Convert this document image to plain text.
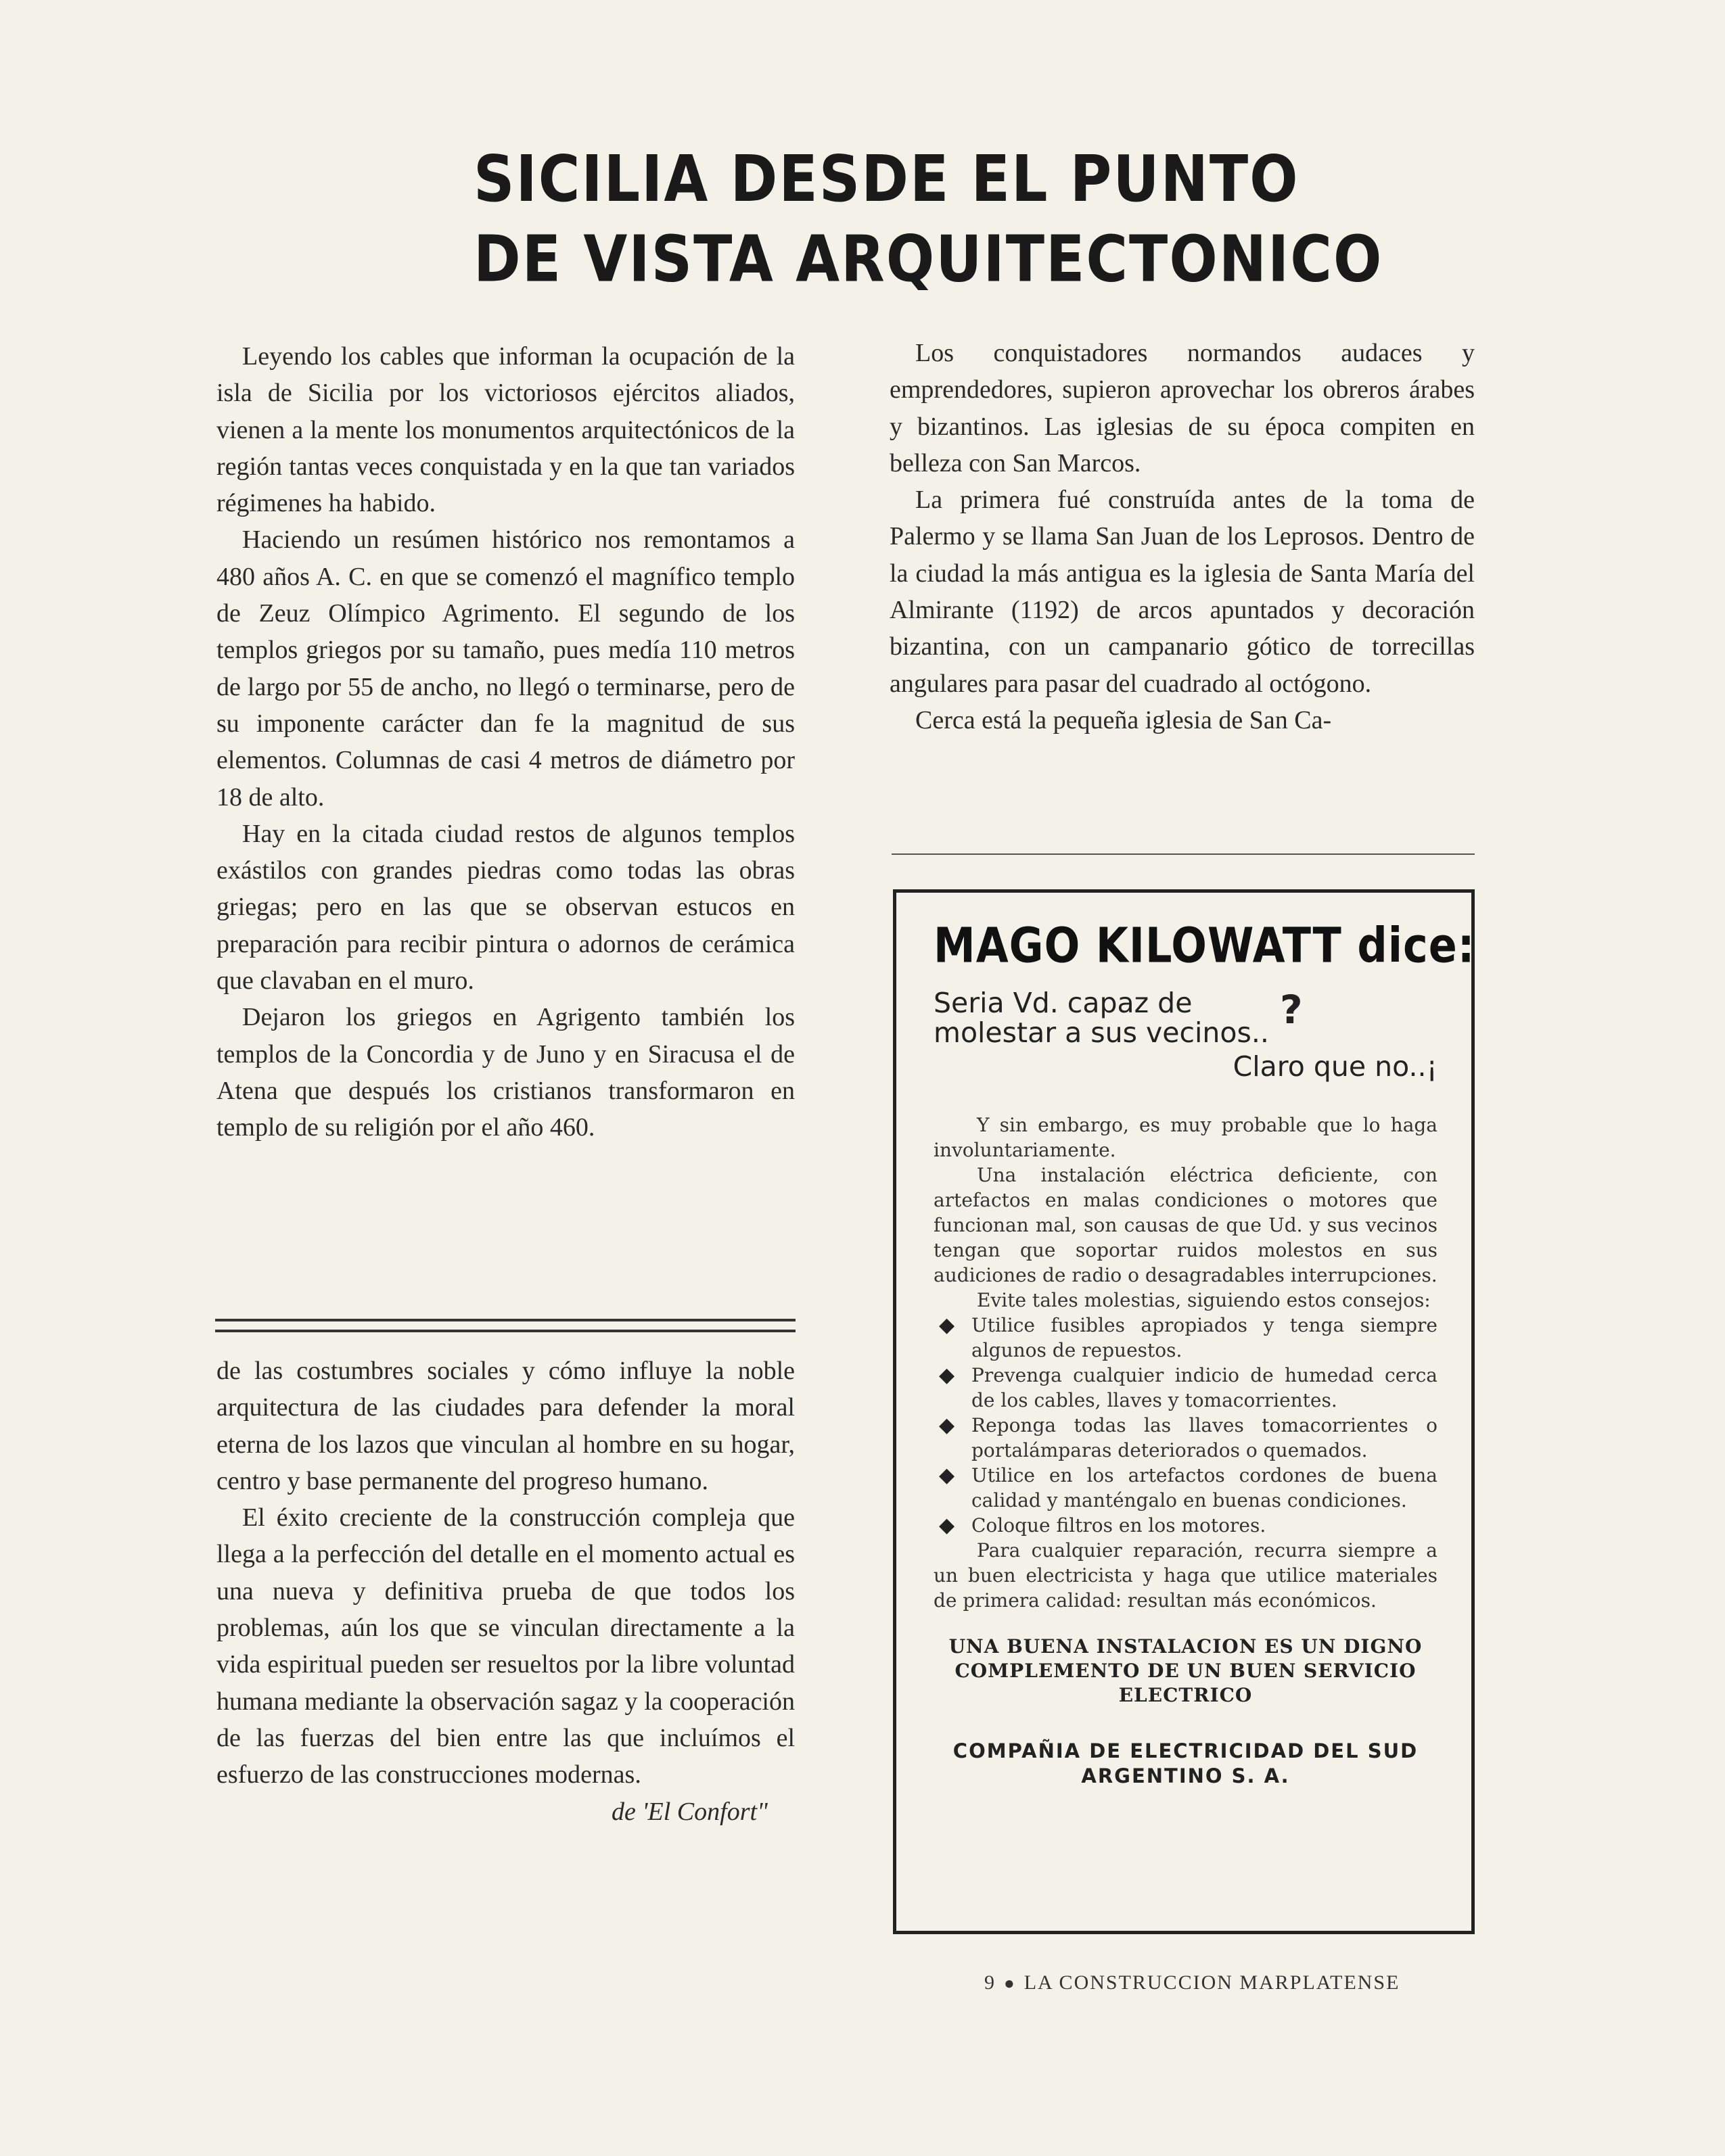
SICILIA DESDE EL PUNTO
DE VISTA ARQUITECTONICO

Leyendo los cables que informan la ocupación de la isla de Sicilia por los victoriosos ejércitos aliados, vienen a la mente los monumentos arquitectónicos de la región tantas veces conquistada y en la que tan variados régimenes ha habido.

Haciendo un resúmen histórico nos remontamos a 480 años A. C. en que se comenzó el magnífico templo de Zeuz Olímpico Agrimento. El segundo de los templos griegos por su tamaño, pues medía 110 metros de largo por 55 de ancho, no llegó o terminarse, pero de su imponente carácter dan fe la magnitud de sus elementos. Columnas de casi 4 metros de diámetro por 18 de alto.

Hay en la citada ciudad restos de algunos templos exástilos con grandes piedras como todas las obras griegas; pero en las que se observan estucos en preparación para recibir pintura o adornos de cerámica que clavaban en el muro.

Dejaron los griegos en Agrigento también los templos de la Concordia y de Juno y en Siracusa el de Atena que después los cristianos transformaron en templo de su religión por el año 460.

de las costumbres sociales y cómo influye la noble arquitectura de las ciudades para defender la moral eterna de los lazos que vinculan al hombre en su hogar, centro y base permanente del progreso humano.

El éxito creciente de la construcción compleja que llega a la perfección del detalle en el momento actual es una nueva y definitiva prueba de que todos los problemas, aún los que se vinculan directamente a la vida espiritual pueden ser resueltos por la libre voluntad humana mediante la observación sagaz y la cooperación de las fuerzas del bien entre las que incluímos el esfuerzo de las construcciones modernas.

de 'El Confort"

Los conquistadores normandos audaces y emprendedores, supieron aprovechar los obreros árabes y bizantinos. Las iglesias de su época compiten en belleza con San Marcos.

La primera fué construída antes de la toma de Palermo y se llama San Juan de los Leprosos. Dentro de la ciudad la más antigua es la iglesia de Santa María del Almirante (1192) de arcos apuntados y decoración bizantina, con un campanario gótico de torrecillas angulares para pasar del cuadrado al octógono.

Cerca está la pequeña iglesia de San Ca-

MAGO KILOWATT dice:
Seria Vd. capaz de
molestar a sus vecinos.. ?
Claro que no..¡

Y sin embargo, es muy probable que lo haga involuntariamente.

Una instalación eléctrica deficiente, con artefactos en malas condiciones o motores que funcionan mal, son causas de que Ud. y sus vecinos tengan que soportar ruidos molestos en sus audiciones de radio o desagradables interrupciones.

Evite tales molestias, siguiendo estos consejos:

◆ Utilice fusibles apropiados y tenga siempre algunos de repuestos.
◆ Prevenga cualquier indicio de humedad cerca de los cables, llaves y tomacorrientes.
◆ Reponga todas las llaves tomacorrientes o portalámparas deteriorados o quemados.
◆ Utilice en los artefactos cordones de buena calidad y manténgalo en buenas condiciones.
◆ Coloque filtros en los motores.

Para cualquier reparación, recurra siempre a un buen electricista y haga que utilice materiales de primera calidad: resultan más económicos.

UNA BUENA INSTALACION ES UN DIGNO COMPLEMENTO DE UN BUEN SERVICIO ELECTRICO
COMPAÑIA DE ELECTRICIDAD DEL SUD ARGENTINO S. A.
9 ● LA CONSTRUCCION MARPLATENSE
